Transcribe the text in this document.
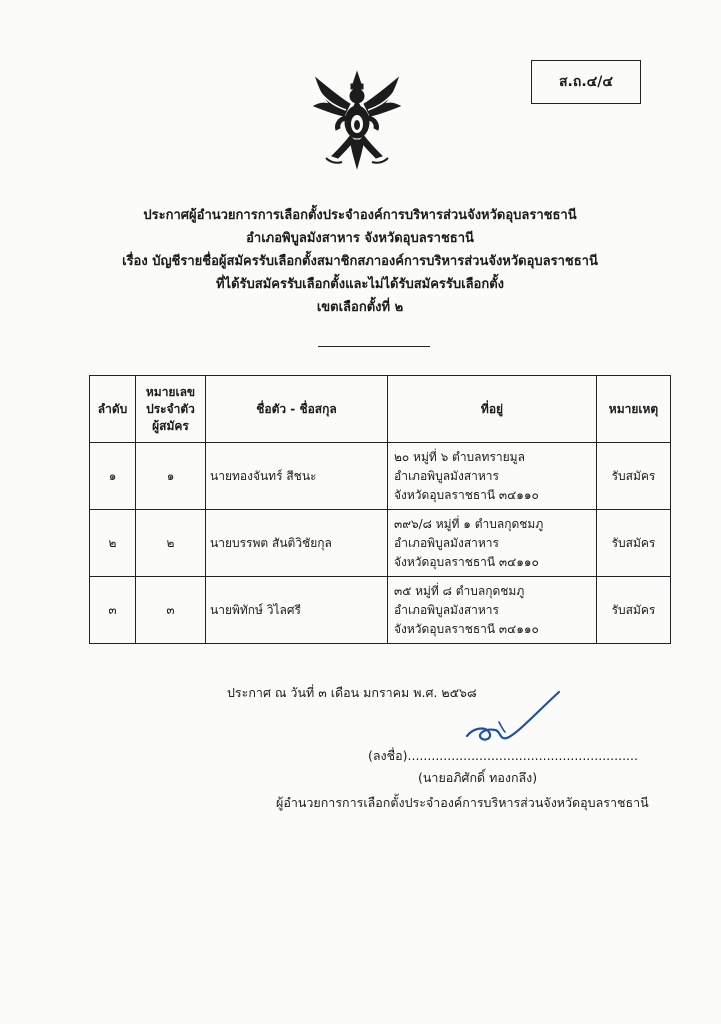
ส.ถ.๔/๔
ประกาศผู้อำนวยการการเลือกตั้งประจำองค์การบริหารส่วนจังหวัดอุบลราชธานี
อำเภอพิบูลมังสาหาร จังหวัดอุบลราชธานี
เรื่อง บัญชีรายชื่อผู้สมัครรับเลือกตั้งสมาชิกสภาองค์การบริหารส่วนจังหวัดอุบลราชธานี
ที่ได้รับสมัครรับเลือกตั้งและไม่ได้รับสมัครรับเลือกตั้ง
เขตเลือกตั้งที่ ๒
ลำดับ	หมายเลข
ประจำตัว
ผู้สมัคร	ชื่อตัว - ชื่อสกุล	ที่อยู่	หมายเหตุ
๑	๑	นายทองจันทร์ สีชนะ	๒๐ หมู่ที่ ๖ ตำบลทรายมูล
อำเภอพิบูลมังสาหาร
จังหวัดอุบลราชธานี ๓๔๑๑๐	รับสมัคร
๒	๒	นายบรรพต สันติวิชัยกุล	๓๙๖/๘ หมู่ที่ ๑ ตำบลกุดชมภู
อำเภอพิบูลมังสาหาร
จังหวัดอุบลราชธานี ๓๔๑๑๐	รับสมัคร
๓	๓	นายพิทักษ์ วิไลศรี	๓๕ หมู่ที่ ๘ ตำบลกุดชมภู
อำเภอพิบูลมังสาหาร
จังหวัดอุบลราชธานี ๓๔๑๑๐	รับสมัคร
ประกาศ ณ วันที่ ๓ เดือน มกราคม พ.ศ. ๒๕๖๘
(ลงชื่อ)..........................................................
(นายอภิศักดิ์ ทองกลึง)
ผู้อำนวยการการเลือกตั้งประจำองค์การบริหารส่วนจังหวัดอุบลราชธานี
